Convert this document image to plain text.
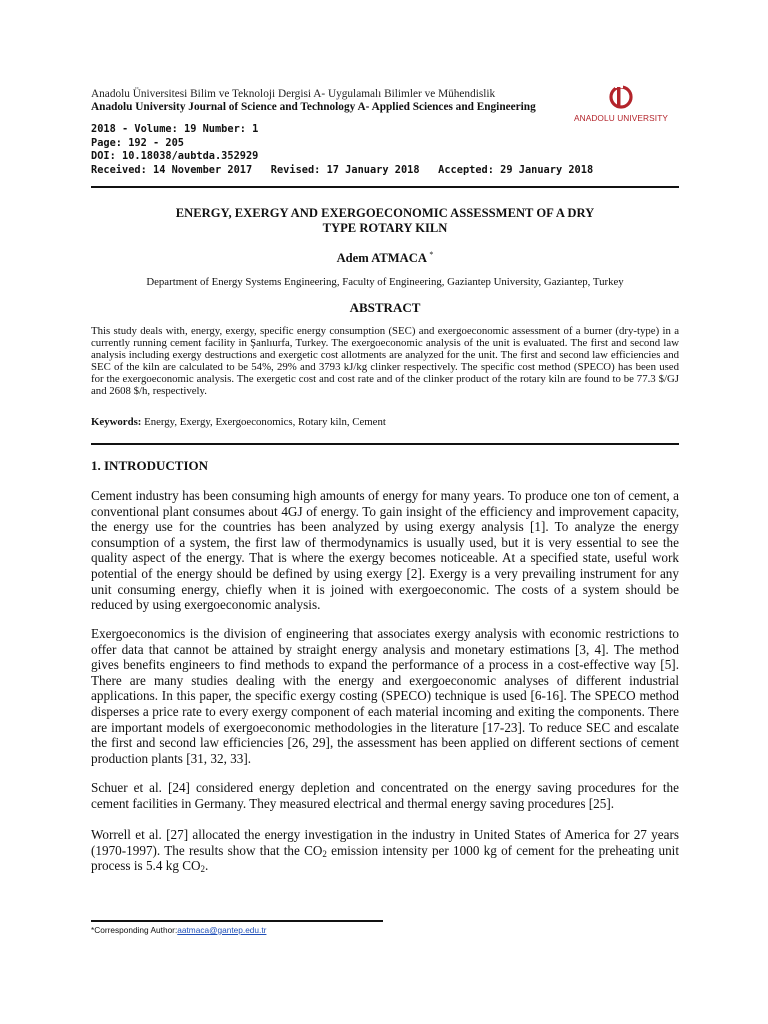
Anadolu Üniversitesi Bilim ve Teknoloji Dergisi A- Uygulamalı Bilimler ve Mühendislik
Anadolu University Journal of Science and Technology A- Applied Sciences and Engineering
ANADOLU UNIVERSITY
2018 - Volume: 19 Number: 1
Page: 192 - 205
DOI: 10.18038/aubtda.352929
Received: 14 November 2017   Revised: 17 January 2018   Accepted: 29 January 2018
ENERGY, EXERGY AND EXERGOECONOMIC ASSESSMENT OF A DRY
TYPE ROTARY KILN
Adem ATMACA *
Department of Energy Systems Engineering, Faculty of Engineering, Gaziantep University, Gaziantep, Turkey
ABSTRACT
This study deals with, energy, exergy, specific energy consumption (SEC) and exergoeconomic assessment of a burner (dry-type) in a currently running cement facility in Şanlıurfa, Turkey. The exergoeconomic analysis of the unit is evaluated. The first and second law analysis including exergy destructions and exergetic cost allotments are analyzed for the unit. The first and second law efficiencies and SEC of the kiln are calculated to be 54%, 29% and 3793 kJ/kg clinker respectively. The specific cost method (SPECO) has been used for the exergoeconomic analysis. The exergetic cost and cost rate and of the clinker product of the rotary kiln are found to be 77.3 $/GJ and 2608 $/h, respectively.
Keywords: Energy, Exergy, Exergoeconomics, Rotary kiln, Cement
1. INTRODUCTION
Cement industry has been consuming high amounts of energy for many years. To produce one ton of cement, a conventional plant consumes about 4GJ of energy. To gain insight of the efficiency and improvement capacity, the energy use for the countries has been analyzed by using exergy analysis [1]. To analyze the energy consumption of a system, the first law of thermodynamics is usually used, but it is very essential to see the quality aspect of the energy. That is where the exergy becomes noticeable. At a specified state, useful work potential of the energy should be defined by using exergy [2]. Exergy is a very prevailing instrument for any unit consuming energy, chiefly when it is joined with exergoeconomic. The costs of a system should be reduced by using exergoeconomic analysis.
Exergoeconomics is the division of engineering that associates exergy analysis with economic restrictions to offer data that cannot be attained by straight energy analysis and monetary estimations [3, 4]. The method gives benefits engineers to find methods to expand the performance of a process in a cost-effective way [5]. There are many studies dealing with the energy and exergoeconomic analyses of different industrial applications. In this paper, the specific exergy costing (SPECO) technique is used [6-16]. The SPECO method disperses a price rate to every exergy component of each material incoming and exiting the components. There are important models of exergoeconomic methodologies in the literature [17-23]. To reduce SEC and escalate the first and second law efficiencies [26, 29], the assessment has been applied on different sections of cement production plants [31, 32, 33].
Schuer et al. [24] considered energy depletion and concentrated on the energy saving procedures for the cement facilities in Germany. They measured electrical and thermal energy saving procedures [25].
Worrell et al. [27] allocated the energy investigation in the industry in United States of America for 27 years (1970-1997). The results show that the $CO_2$ emission intensity per 1000 kg of cement for the preheating unit process is 5.4 kg $CO_2$.
*Corresponding Author:aatmaca@gantep.edu.tr
